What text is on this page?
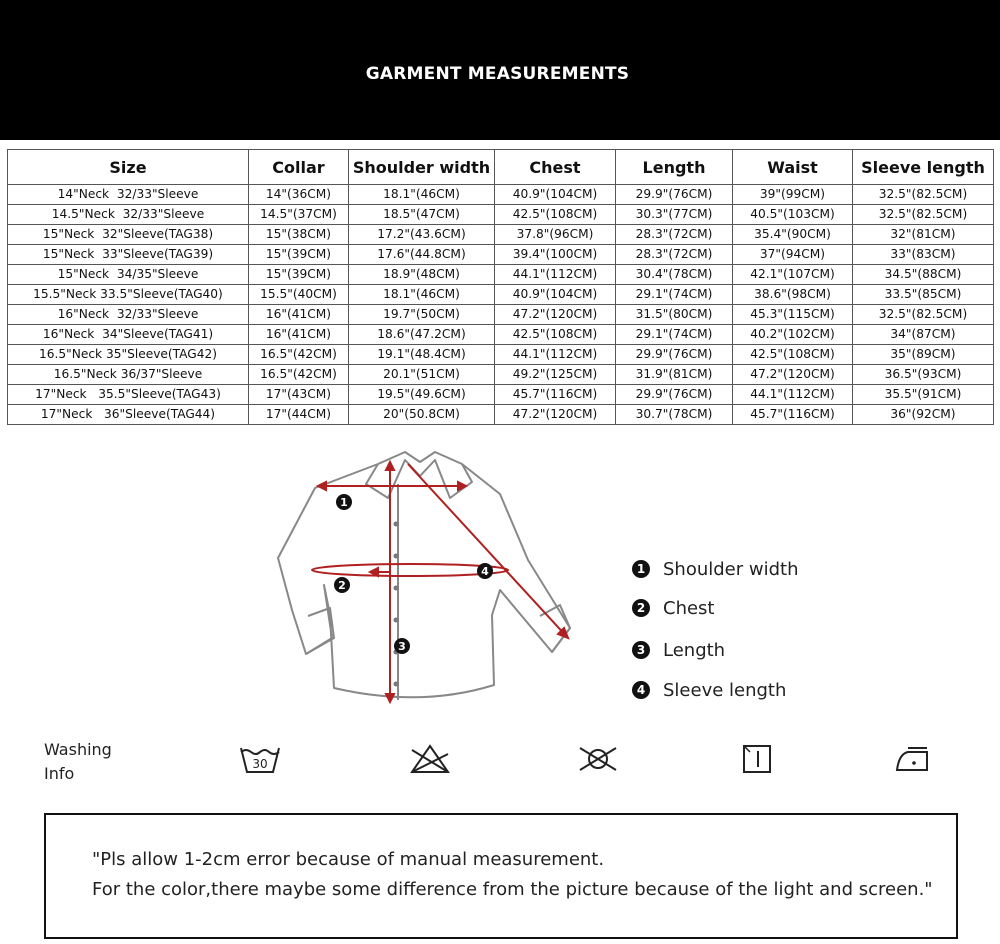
GARMENT MEASUREMENTS
Size	Collar	Shoulder width	Chest	Length	Waist	Sleeve length
14"Neck  32/33"Sleeve	14"(36CM)	18.1"(46CM)	40.9"(104CM)	29.9"(76CM)	39"(99CM)	32.5"(82.5CM)
14.5"Neck  32/33"Sleeve	14.5"(37CM)	18.5"(47CM)	42.5"(108CM)	30.3"(77CM)	40.5"(103CM)	32.5"(82.5CM)
15"Neck  32"Sleeve(TAG38)	15"(38CM)	17.2"(43.6CM)	37.8"(96CM)	28.3"(72CM)	35.4"(90CM)	32"(81CM)
15"Neck  33"Sleeve(TAG39)	15"(39CM)	17.6"(44.8CM)	39.4"(100CM)	28.3"(72CM)	37"(94CM)	33"(83CM)
15"Neck  34/35"Sleeve	15"(39CM)	18.9"(48CM)	44.1"(112CM)	30.4"(78CM)	42.1"(107CM)	34.5"(88CM)
15.5"Neck 33.5"Sleeve(TAG40)	15.5"(40CM)	18.1"(46CM)	40.9"(104CM)	29.1"(74CM)	38.6"(98CM)	33.5"(85CM)
16"Neck  32/33"Sleeve	16"(41CM)	19.7"(50CM)	47.2"(120CM)	31.5"(80CM)	45.3"(115CM)	32.5"(82.5CM)
16"Neck  34"Sleeve(TAG41)	16"(41CM)	18.6"(47.2CM)	42.5"(108CM)	29.1"(74CM)	40.2"(102CM)	34"(87CM)
16.5"Neck 35"Sleeve(TAG42)	16.5"(42CM)	19.1"(48.4CM)	44.1"(112CM)	29.9"(76CM)	42.5"(108CM)	35"(89CM)
16.5"Neck 36/37"Sleeve	16.5"(42CM)	20.1"(51CM)	49.2"(125CM)	31.9"(81CM)	47.2"(120CM)	36.5"(93CM)
17"Neck   35.5"Sleeve(TAG43)	17"(43CM)	19.5"(49.6CM)	45.7"(116CM)	29.9"(76CM)	44.1"(112CM)	35.5"(91CM)
17"Neck   36"Sleeve(TAG44)	17"(44CM)	20"(50.8CM)	47.2"(120CM)	30.7"(78CM)	45.7"(116CM)	36"(92CM)
1
2
3
4	1 Shoulder width
2 Chest
3 Length
4 Sleeve length
Washing
Info	30
"Pls allow 1-2cm error because of manual measurement.
For the color,there maybe some difference from the picture because of the light and screen."
